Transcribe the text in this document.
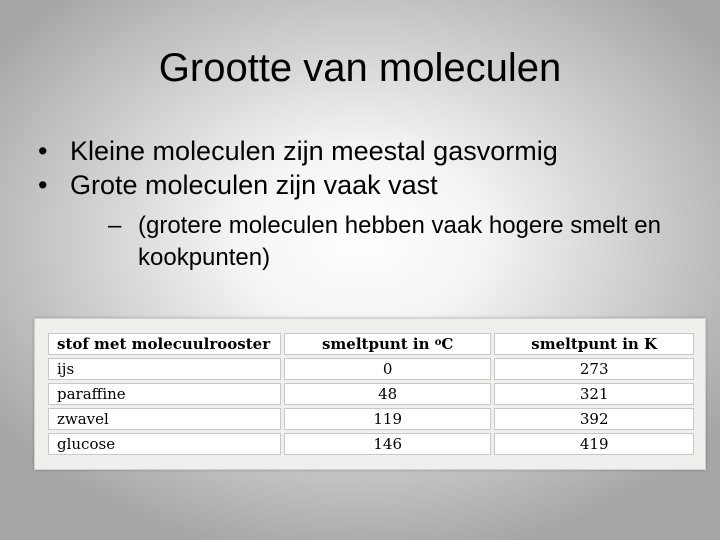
Grootte van moleculen
• Kleine moleculen zijn meestal gasvormig
• Grote moleculen zijn vaak vast
– (grotere moleculen hebben vaak hogere smelt en kookpunten)
stof met molecuulrooster	smeltpunt in $^o$C	smeltpunt in K
ijs	0	273
paraffine	48	321
zwavel	119	392
glucose	146	419
